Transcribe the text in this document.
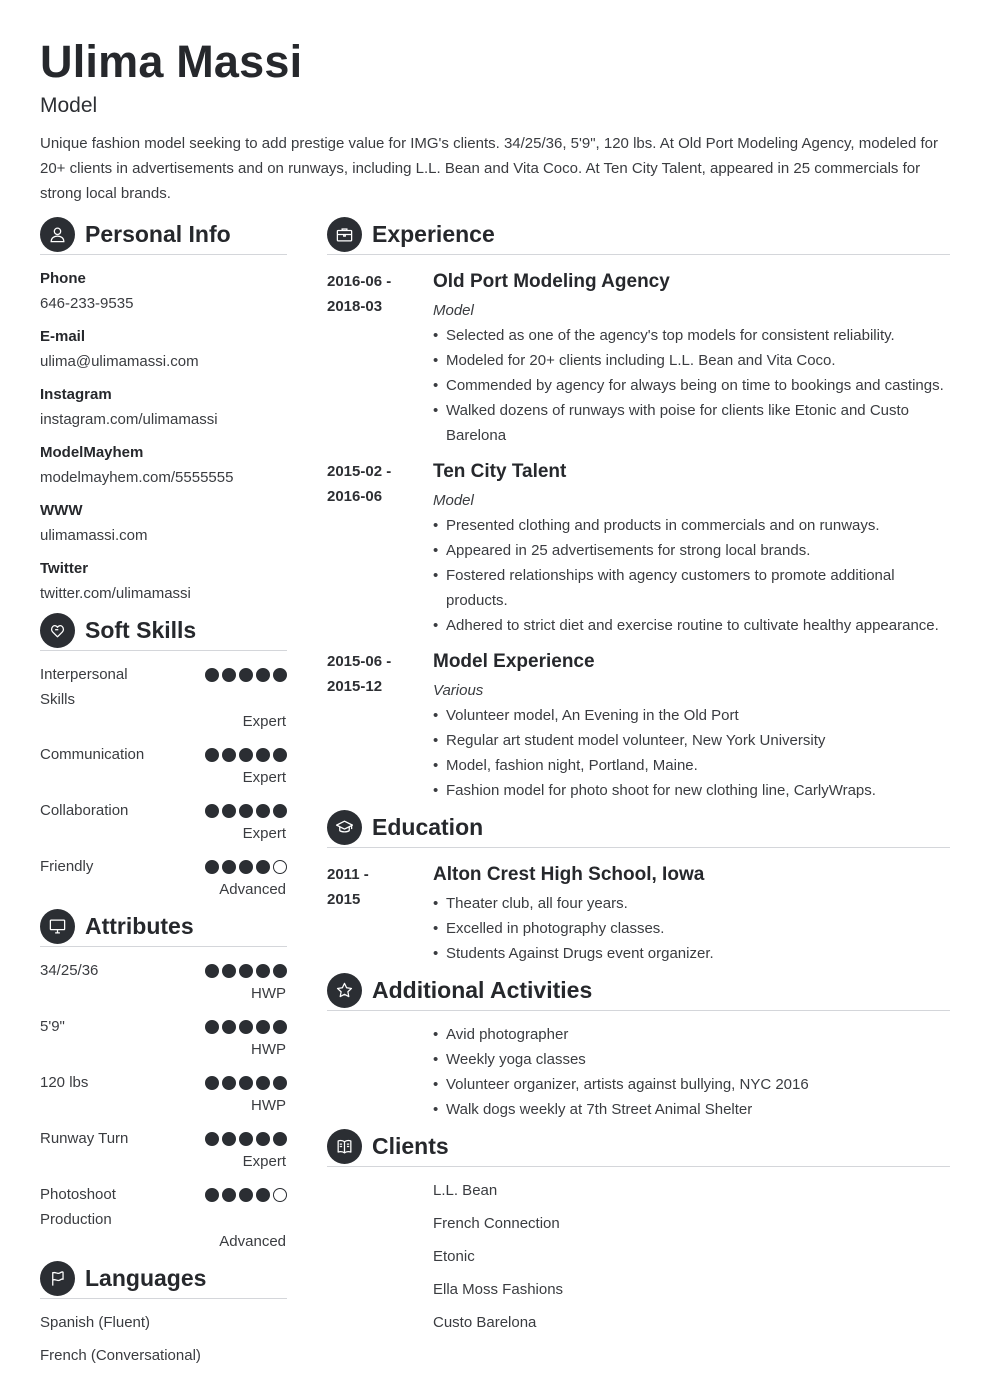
Ulima Massi
Model
Unique fashion model seeking to add prestige value for IMG's clients. 34/25/36, 5'9", 120 lbs. At Old Port Modeling Agency, modeled for 20+ clients in advertisements and on runways, including L.L. Bean and Vita Coco. At Ten City Talent, appeared in 25 commercials for strong local brands.
Personal Info
Phone
646-233-9535
E-mail
ulima@ulimamassi.com
Instagram
instagram.com/ulimamassi
ModelMayhem
modelmayhem.com/5555555
WWW
ulimamassi.com
Twitter
twitter.com/ulimamassi
Soft Skills
Interpersonal Skills
Expert
Communication
Expert
Collaboration
Expert
Friendly
Advanced
Attributes
34/25/36
HWP
5'9"
HWP
120 lbs
HWP
Runway Turn
Expert
Photoshoot Production
Advanced
Languages
Spanish (Fluent)
French (Conversational)
Experience
2016-06 -
2018-03
Old Port Modeling Agency
Model
• Selected as one of the agency's top models for consistent reliability.
• Modeled for 20+ clients including L.L. Bean and Vita Coco.
• Commended by agency for always being on time to bookings and castings.
• Walked dozens of runways with poise for clients like Etonic and Custo Barelona
2015-02 -
2016-06
Ten City Talent
Model
• Presented clothing and products in commercials and on runways.
• Appeared in 25 advertisements for strong local brands.
• Fostered relationships with agency customers to promote additional products.
• Adhered to strict diet and exercise routine to cultivate healthy appearance.
2015-06 -
2015-12
Model Experience
Various
• Volunteer model, An Evening in the Old Port
• Regular art student model volunteer, New York University
• Model, fashion night, Portland, Maine.
• Fashion model for photo shoot for new clothing line, CarlyWraps.
Education
2011 -
2015
Alton Crest High School, Iowa
• Theater club, all four years.
• Excelled in photography classes.
• Students Against Drugs event organizer.
Additional Activities
• Avid photographer
• Weekly yoga classes
• Volunteer organizer, artists against bullying, NYC 2016
• Walk dogs weekly at 7th Street Animal Shelter
Clients
L.L. Bean
French Connection
Etonic
Ella Moss Fashions
Custo Barelona
